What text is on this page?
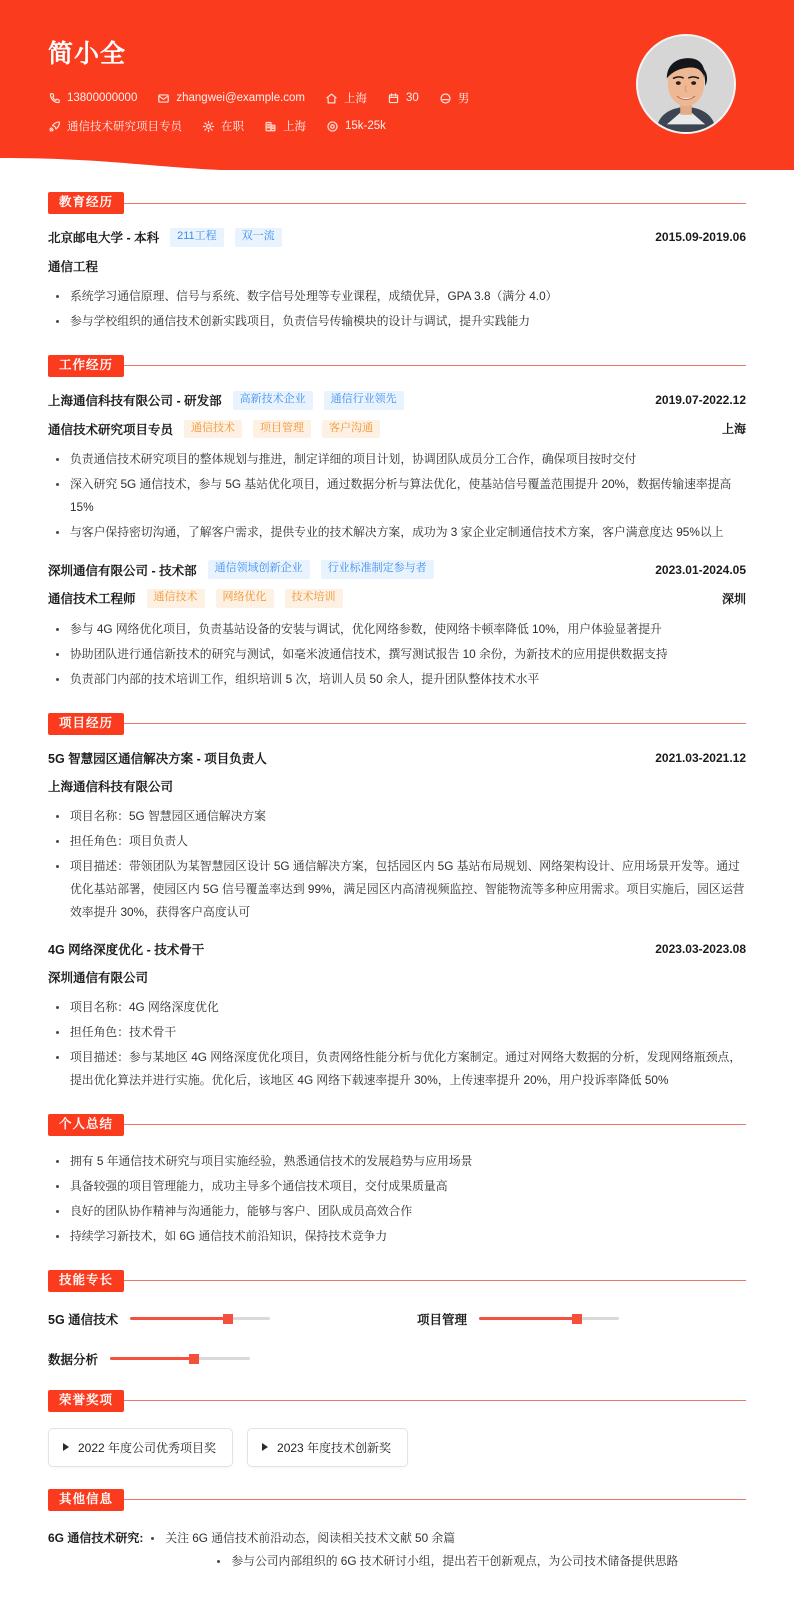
简小全
13800000000	zhangwei@example.com	上海	30	男
通信技术研究项目专员	在职	上海	15k-25k
教育经历
北京邮电大学 - 本科	211工程	双一流	2015.09-2019.06
通信工程
系统学习通信原理、信号与系统、数字信号处理等专业课程，成绩优异，GPA 3.8（满分 4.0）
参与学校组织的通信技术创新实践项目，负责信号传输模块的设计与调试，提升实践能力
工作经历
上海通信科技有限公司 - 研发部	高新技术企业	通信行业领先	2019.07-2022.12
通信技术研究项目专员	通信技术	项目管理	客户沟通	上海
负责通信技术研究项目的整体规划与推进，制定详细的项目计划，协调团队成员分工合作，确保项目按时交付
深入研究 5G 通信技术，参与 5G 基站优化项目，通过数据分析与算法优化，使基站信号覆盖范围提升 20%，数据传输速率提高 15%
与客户保持密切沟通，了解客户需求，提供专业的技术解决方案，成功为 3 家企业定制通信技术方案，客户满意度达 95%以上
深圳通信有限公司 - 技术部	通信领域创新企业	行业标准制定参与者	2023.01-2024.05
通信技术工程师	通信技术	网络优化	技术培训	深圳
参与 4G 网络优化项目，负责基站设备的安装与调试，优化网络参数，使网络卡顿率降低 10%，用户体验显著提升
协助团队进行通信新技术的研究与测试，如毫米波通信技术，撰写测试报告 10 余份，为新技术的应用提供数据支持
负责部门内部的技术培训工作，组织培训 5 次，培训人员 50 余人，提升团队整体技术水平
项目经历
5G 智慧园区通信解决方案 - 项目负责人	2021.03-2021.12
上海通信科技有限公司
项目名称：5G 智慧园区通信解决方案
担任角色：项目负责人
项目描述：带领团队为某智慧园区设计 5G 通信解决方案，包括园区内 5G 基站布局规划、网络架构设计、应用场景开发等。通过优化基站部署，使园区内 5G 信号覆盖率达到 99%，满足园区内高清视频监控、智能物流等多种应用需求。项目实施后，园区运营效率提升 30%，获得客户高度认可
4G 网络深度优化 - 技术骨干	2023.03-2023.08
深圳通信有限公司
项目名称：4G 网络深度优化
担任角色：技术骨干
项目描述：参与某地区 4G 网络深度优化项目，负责网络性能分析与优化方案制定。通过对网络大数据的分析，发现网络瓶颈点，提出优化算法并进行实施。优化后，该地区 4G 网络下载速率提升 30%，上传速率提升 20%，用户投诉率降低 50%
个人总结
拥有 5 年通信技术研究与项目实施经验，熟悉通信技术的发展趋势与应用场景
具备较强的项目管理能力，成功主导多个通信技术项目，交付成果质量高
良好的团队协作精神与沟通能力，能够与客户、团队成员高效合作
持续学习新技术，如 6G 通信技术前沿知识，保持技术竞争力
技能专长
5G 通信技术	项目管理
数据分析
荣誉奖项
2022 年度公司优秀项目奖	2023 年度技术创新奖
其他信息
6G 通信技术研究:	关注 6G 通信技术前沿动态，阅读相关技术文献 50 余篇
参与公司内部组织的 6G 技术研讨小组，提出若干创新观点，为公司技术储备提供思路
